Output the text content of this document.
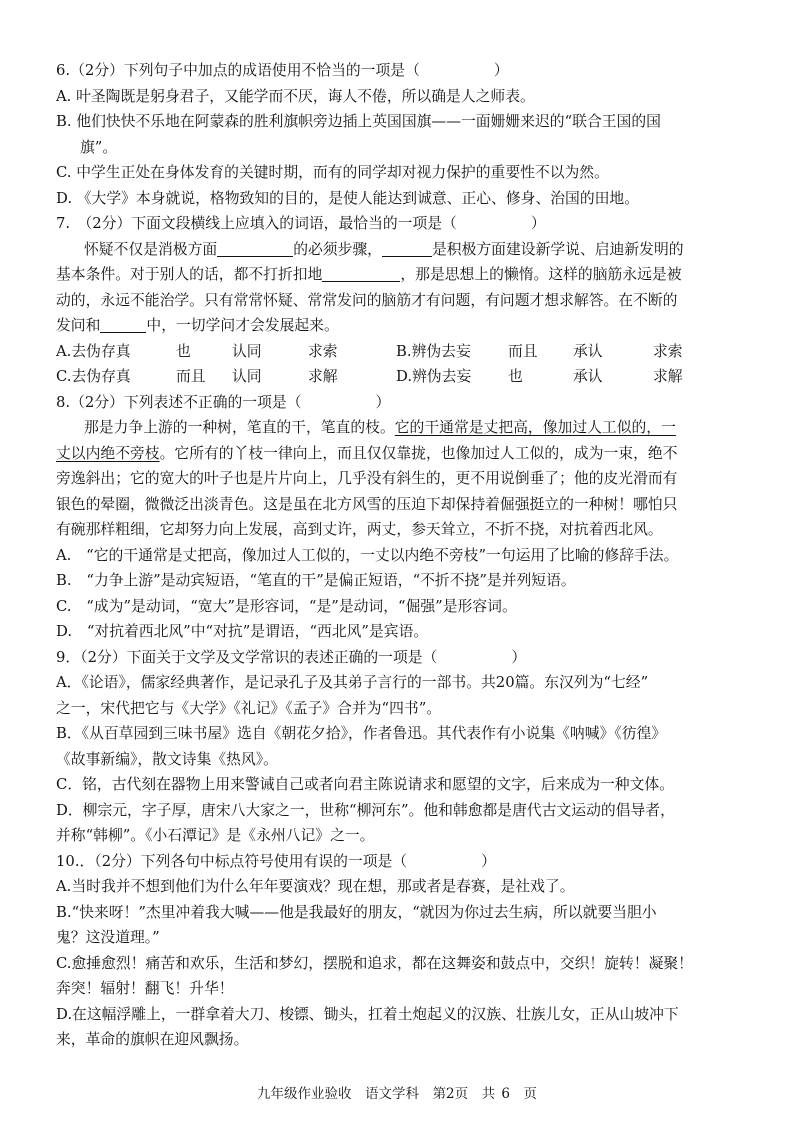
6.（2分）下列句子中加点的成语使用不恰当的一项是（　　　　　）
A. 叶圣陶既是躬身君子，又能学而不厌，诲人不倦，所以确是人之师表。
B. 他们快快不乐地在阿蒙森的胜利旗帜旁边插上英国国旗——一面姗姗来迟的“联合王国的国
旗”。
C. 中学生正处在身体发育的关键时期，而有的同学却对视力保护的重要性不以为然。
D. 《大学》本身就说，格物致知的目的，是使人能达到诚意、正心、修身、治国的田地。
7.　（2分）下面文段横线上应填入的词语，最恰当的一项是（　　　　　）
怀疑不仅是消极方面	的必须步骤，	是积极方面建设新学说、启迪新发明的
基本条件。对于别人的话，都不打折扣地	，那是思想上的懒惰。这样的脑筋永远是被
动的，永远不能治学。只有常常怀疑、常常发问的脑筋才有问题，有问题才想求解答。在不断的
发问和	中，一切学问才会发展起来。
A.去伪存真	也	认同	求索	B.辨伪去妄	而且 承认	求索
C.去伪存真	而且 认同	求解	D.辨伪去妄 也	承认	求解
8.（2分）下列表述不正确的一项是（　　　　　）
那是力争上游的一种树，笔直的干，笔直的枝。它的干通常是丈把高，像加过人工似的，一
丈以内绝不旁枝。它所有的丫枝一律向上，而且仅仅靠拢，也像加过人工似的，成为一束，绝不
旁逸斜出；它的宽大的叶子也是片片向上，几乎没有斜生的，更不用说倒垂了；他的皮光滑而有
银色的晕圈，微微泛出淡青色。这是虽在北方风雪的压迫下却保持着倔强挺立的一种树！哪怕只
有碗那样粗细，它却努力向上发展，高到丈许，两丈，参天耸立，不折不挠，对抗着西北风。
A.　“它的干通常是丈把高，像加过人工似的，一丈以内绝不旁枝”一句运用了比喻的修辞手法。
B.　“力争上游”是动宾短语，“笔直的干”是偏正短语，“不折不挠”是并列短语。
C.　“成为”是动词，“宽大”是形容词，“是”是动词，“倔强”是形容词。
D.　“对抗着西北风”中“对抗”是谓语，“西北风”是宾语。
9．（2分）下面关于文学及文学常识的表述正确的一项是（　　　　　）
A．《论语》，儒家经典著作，是记录孔子及其弟子言行的一部书。共20篇。东汉列为“七经”
之一，宋代把它与《大学》《礼记》《孟子》合并为“四书”。
B．《从百草园到三味书屋》选自《朝花夕拾》，作者鲁迅。其代表作有小说集《呐喊》《彷徨》
《故事新编》，散文诗集《热风》。
C．铭，古代刻在器物上用来警诫自己或者向君主陈说请求和愿望的文字，后来成为一种文体。
D．柳宗元，字子厚，唐宋八大家之一，世称“柳河东”。他和韩愈都是唐代古文运动的倡导者，
并称“韩柳”。《小石潭记》是《永州八记》之一。
10.．（2分）下列各句中标点符号使用有误的一项是（　　　　　）
A.当时我并不想到他们为什么年年要演戏？现在想，那或者是春赛，是社戏了。
B.“快来呀！”杰里冲着我大喊——他是我最好的朋友，“就因为你过去生病，所以就要当胆小
鬼？这没道理。”
C.愈捶愈烈！痛苦和欢乐，生活和梦幻，摆脱和追求，都在这舞姿和鼓点中，交织！旋转！凝聚！
奔突！辐射！翻飞！升华！
D.在这幅浮雕上，一群拿着大刀、梭镖、锄头，扛着土炮起义的汉族、壮族儿女，正从山坡冲下
来，革命的旗帜在迎风飘扬。
九年级作业验收　语文学科　第2页　共 6　页
